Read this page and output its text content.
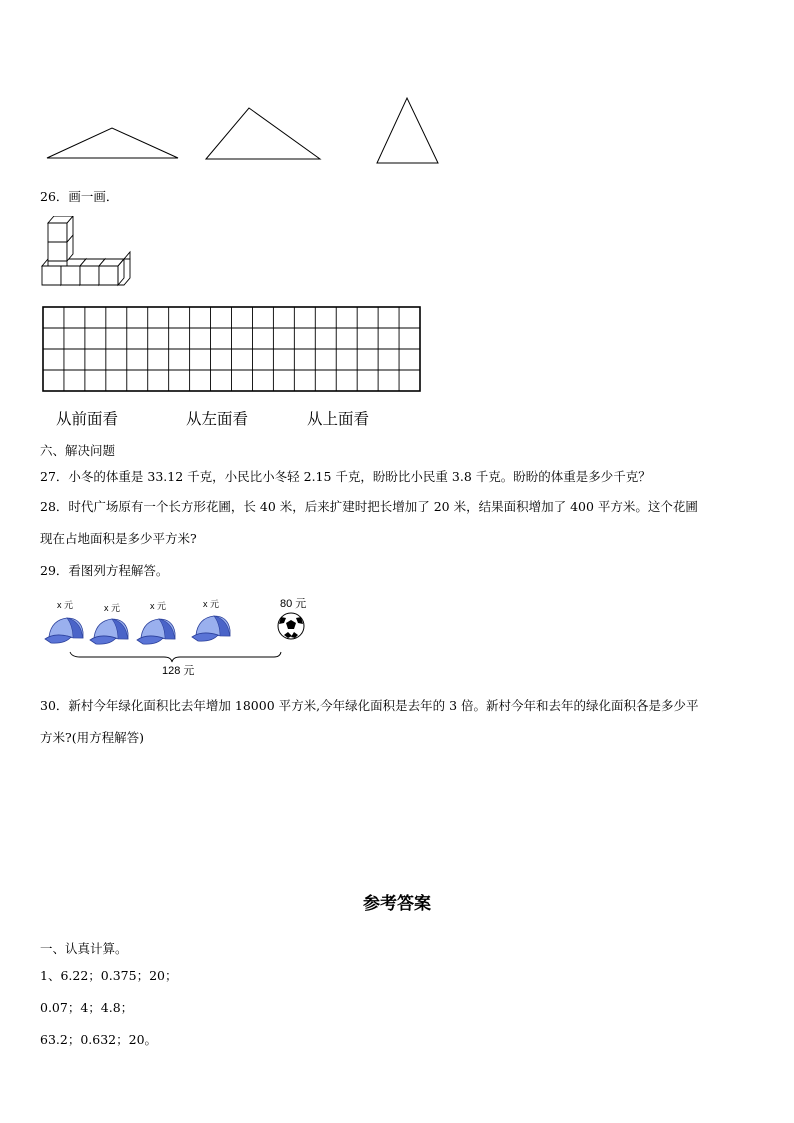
26．画一画．
从前面看	从左面看	从上面看
六、解决问题
27．小冬的体重是 33.12 千克，小民比小冬轻 2.15 千克，盼盼比小民重 3.8 千克。盼盼的体重是多少千克？
28．时代广场原有一个长方形花圃，长 40 米，后来扩建时把长增加了 20 米，结果面积增加了 400 平方米。这个花圃
现在占地面积是多少平方米?
29．看图列方程解答。
x 元	x 元	x 元	x 元	80 元
128 元
30．新村今年绿化面积比去年增加 18000 平方米,今年绿化面积是去年的 3 倍。新村今年和去年的绿化面积各是多少平
方米?(用方程解答)
参考答案
一、认真计算。
1、6.22；0.375；20；
0.07；4；4.8；
63.2；0.632；20。
